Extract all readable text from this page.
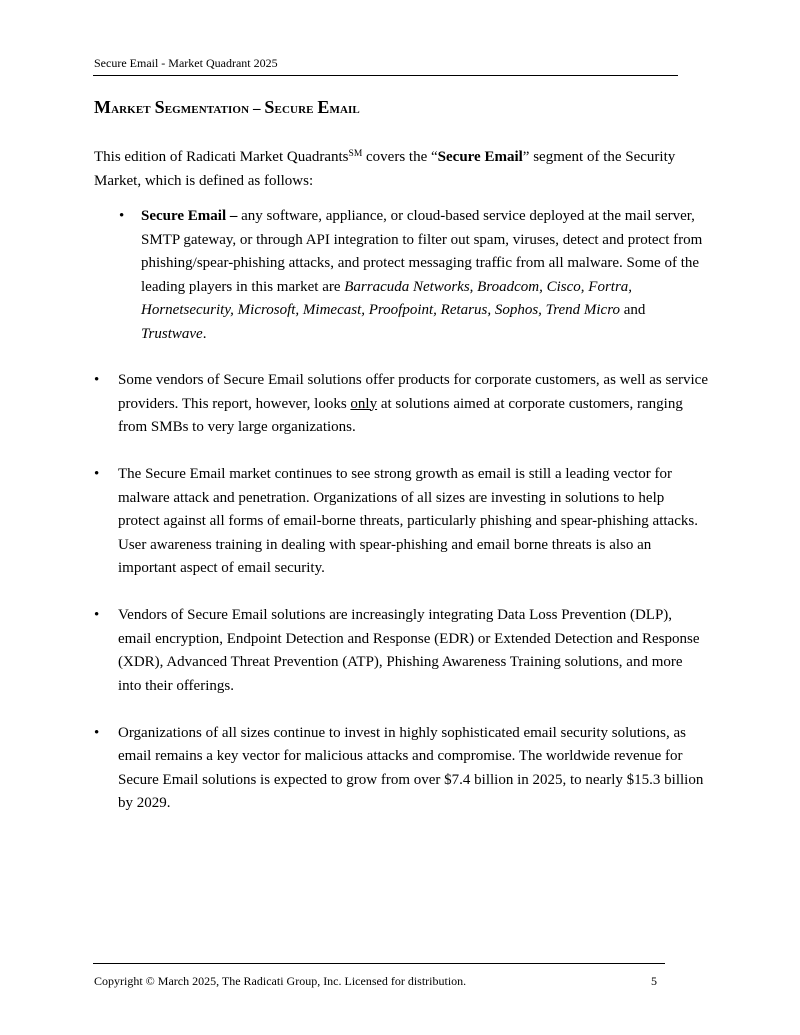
Secure Email - Market Quadrant 2025
Market Segmentation – Secure Email

This edition of Radicati Market Quadrants℠ covers the “Secure Email” segment of the Security Market, which is defined as follows:

• Secure Email – any software, appliance, or cloud-based service deployed at the mail server, SMTP gateway, or through API integration to filter out spam, viruses, detect and protect from phishing/spear-phishing attacks, and protect messaging traffic from all malware. Some of the leading players in this market are Barracuda Networks, Broadcom, Cisco, Fortra, Hornetsecurity, Microsoft, Mimecast, Proofpoint, Retarus, Sophos, Trend Micro and Trustwave.
• Some vendors of Secure Email solutions offer products for corporate customers, as well as service providers. This report, however, looks only at solutions aimed at corporate customers, ranging from SMBs to very large organizations.
• The Secure Email market continues to see strong growth as email is still a leading vector for malware attack and penetration. Organizations of all sizes are investing in solutions to help protect against all forms of email-borne threats, particularly phishing and spear-phishing attacks. User awareness training in dealing with spear-phishing and email borne threats is also an important aspect of email security.
• Vendors of Secure Email solutions are increasingly integrating Data Loss Prevention (DLP), email encryption, Endpoint Detection and Response (EDR) or Extended Detection and Response (XDR), Advanced Threat Prevention (ATP), Phishing Awareness Training solutions, and more into their offerings.
• Organizations of all sizes continue to invest in highly sophisticated email security solutions, as email remains a key vector for malicious attacks and compromise. The worldwide revenue for Secure Email solutions is expected to grow from over $7.4 billion in 2025, to nearly $15.3 billion by 2029.
Copyright © March 2025, The Radicati Group, Inc. Licensed for distribution.	5
